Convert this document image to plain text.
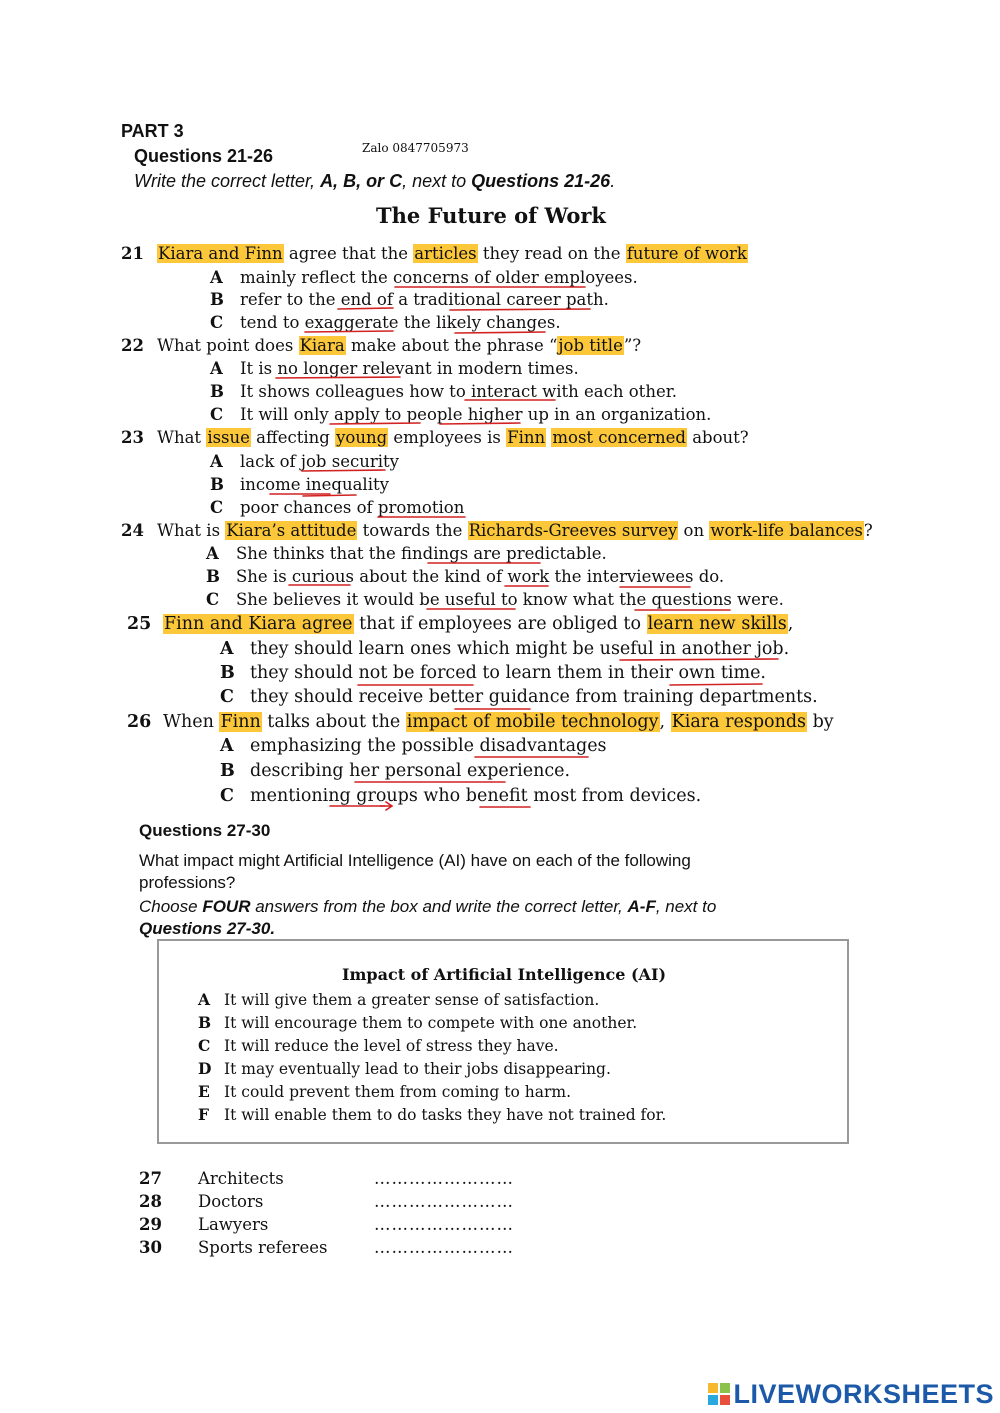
PART 3
Questions 21-26	Zalo 0847705973
Write the correct letter, A, B, or C, next to Questions 21-26.
The Future of Work
21 Kiara and Finn agree that the articles they read on the future of work
A mainly reflect the concerns of older employees.
B refer to the end of a traditional career path.
C tend to exaggerate the likely changes.
22 What point does Kiara make about the phrase “job title”?
A It is no longer relevant in modern times.
B It shows colleagues how to interact with each other.
C It will only apply to people higher up in an organization.
23 What issue affecting young employees is Finn most concerned about?
A lack of job security
B income inequality
C poor chances of promotion
24 What is Kiara’s attitude towards the Richards-Greeves survey on work-life balances?
A She thinks that the findings are predictable.
B She is curious about the kind of work the interviewees do.
C She believes it would be useful to know what the questions were.
25 Finn and Kiara agree that if employees are obliged to learn new skills,
A they should learn ones which might be useful in another job.
B they should not be forced to learn them in their own time.
C they should receive better guidance from training departments.
26 When Finn talks about the impact of mobile technology, Kiara responds by
A emphasizing the possible disadvantages
B describing her personal experience.
C mentioning groups who benefit most from devices.
Questions 27-30
What impact might Artificial Intelligence (AI) have on each of the following
professions?
Choose FOUR answers from the box and write the correct letter, A-F, next to
Questions 27-30.
Impact of Artificial Intelligence (AI)
A It will give them a greater sense of satisfaction.
B It will encourage them to compete with one another.
C It will reduce the level of stress they have.
D It may eventually lead to their jobs disappearing.
E It could prevent them from coming to harm.
F It will enable them to do tasks they have not trained for.
27 Architects	……………………
28 Doctors	……………………
29 Lawyers	……………………
30 Sports referees	……………………
LIVEWORKSHEETS
